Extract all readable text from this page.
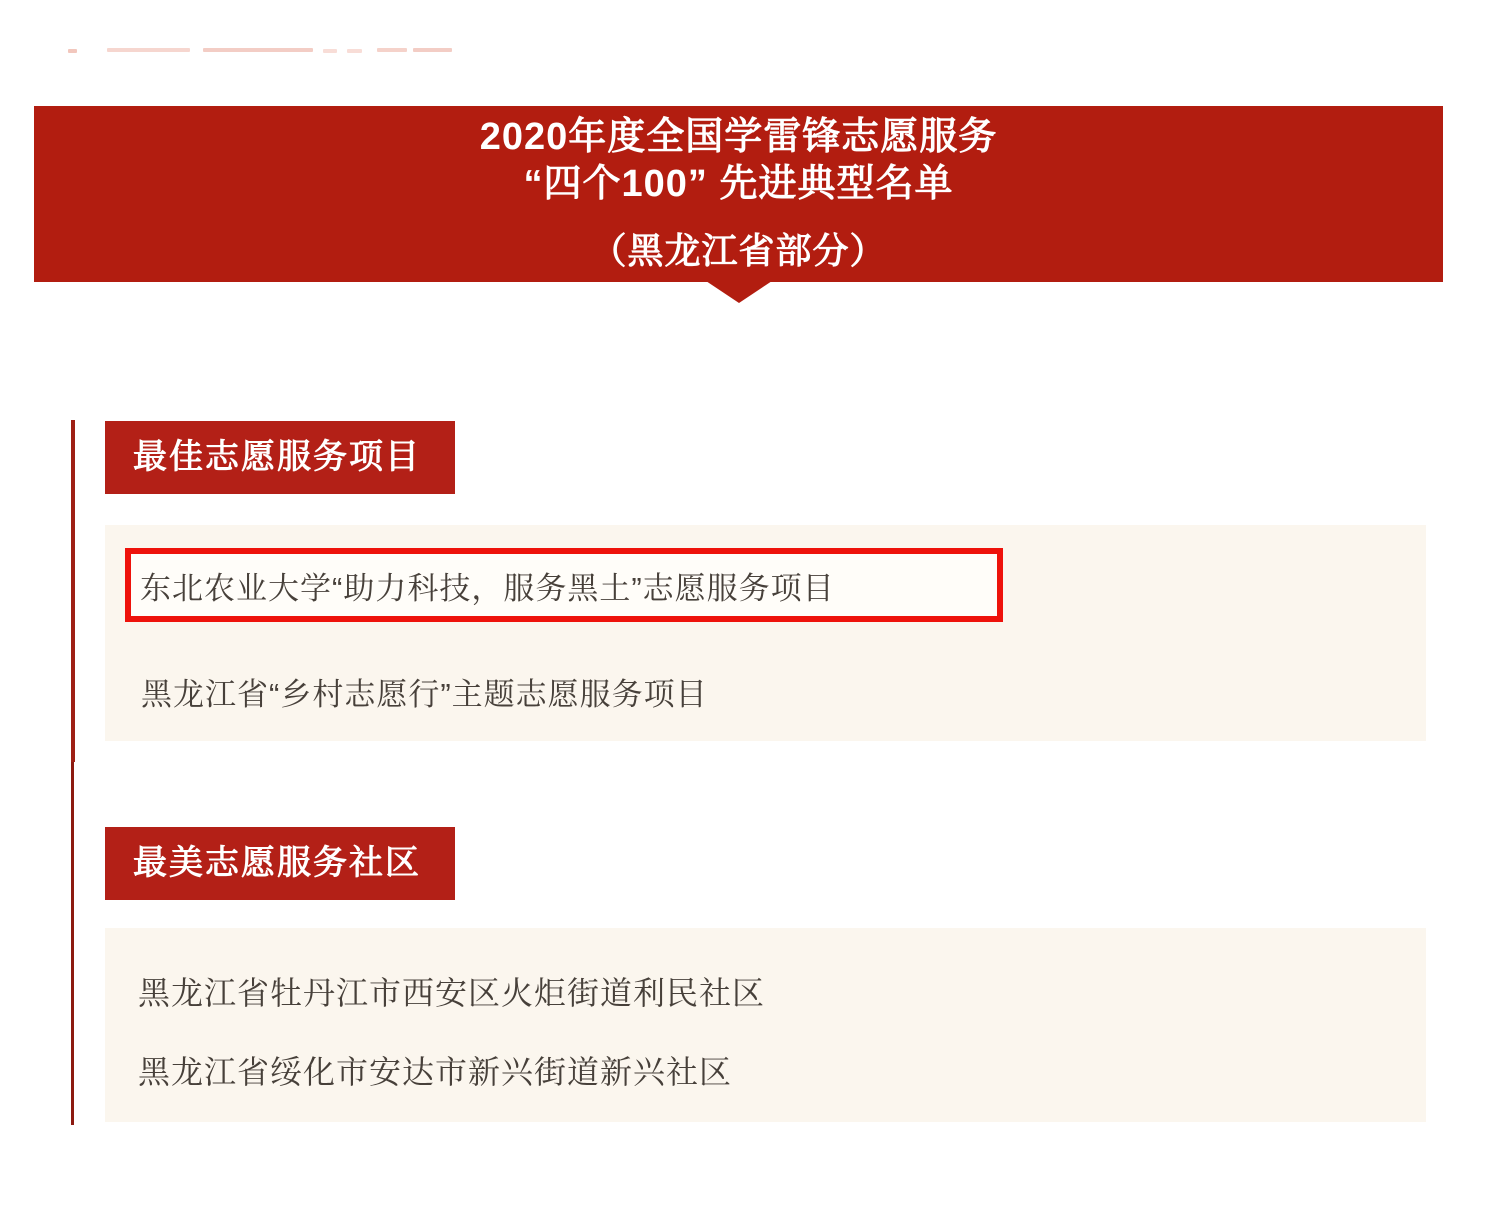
2020年度全国学雷锋志愿服务
“四个100” 先进典型名单
（黑龙江省部分）
最佳志愿服务项目
东北农业大学“助力科技，服务黑土”志愿服务项目
黑龙江省“乡村志愿行”主题志愿服务项目
最美志愿服务社区
黑龙江省牡丹江市西安区火炬街道利民社区
黑龙江省绥化市安达市新兴街道新兴社区
